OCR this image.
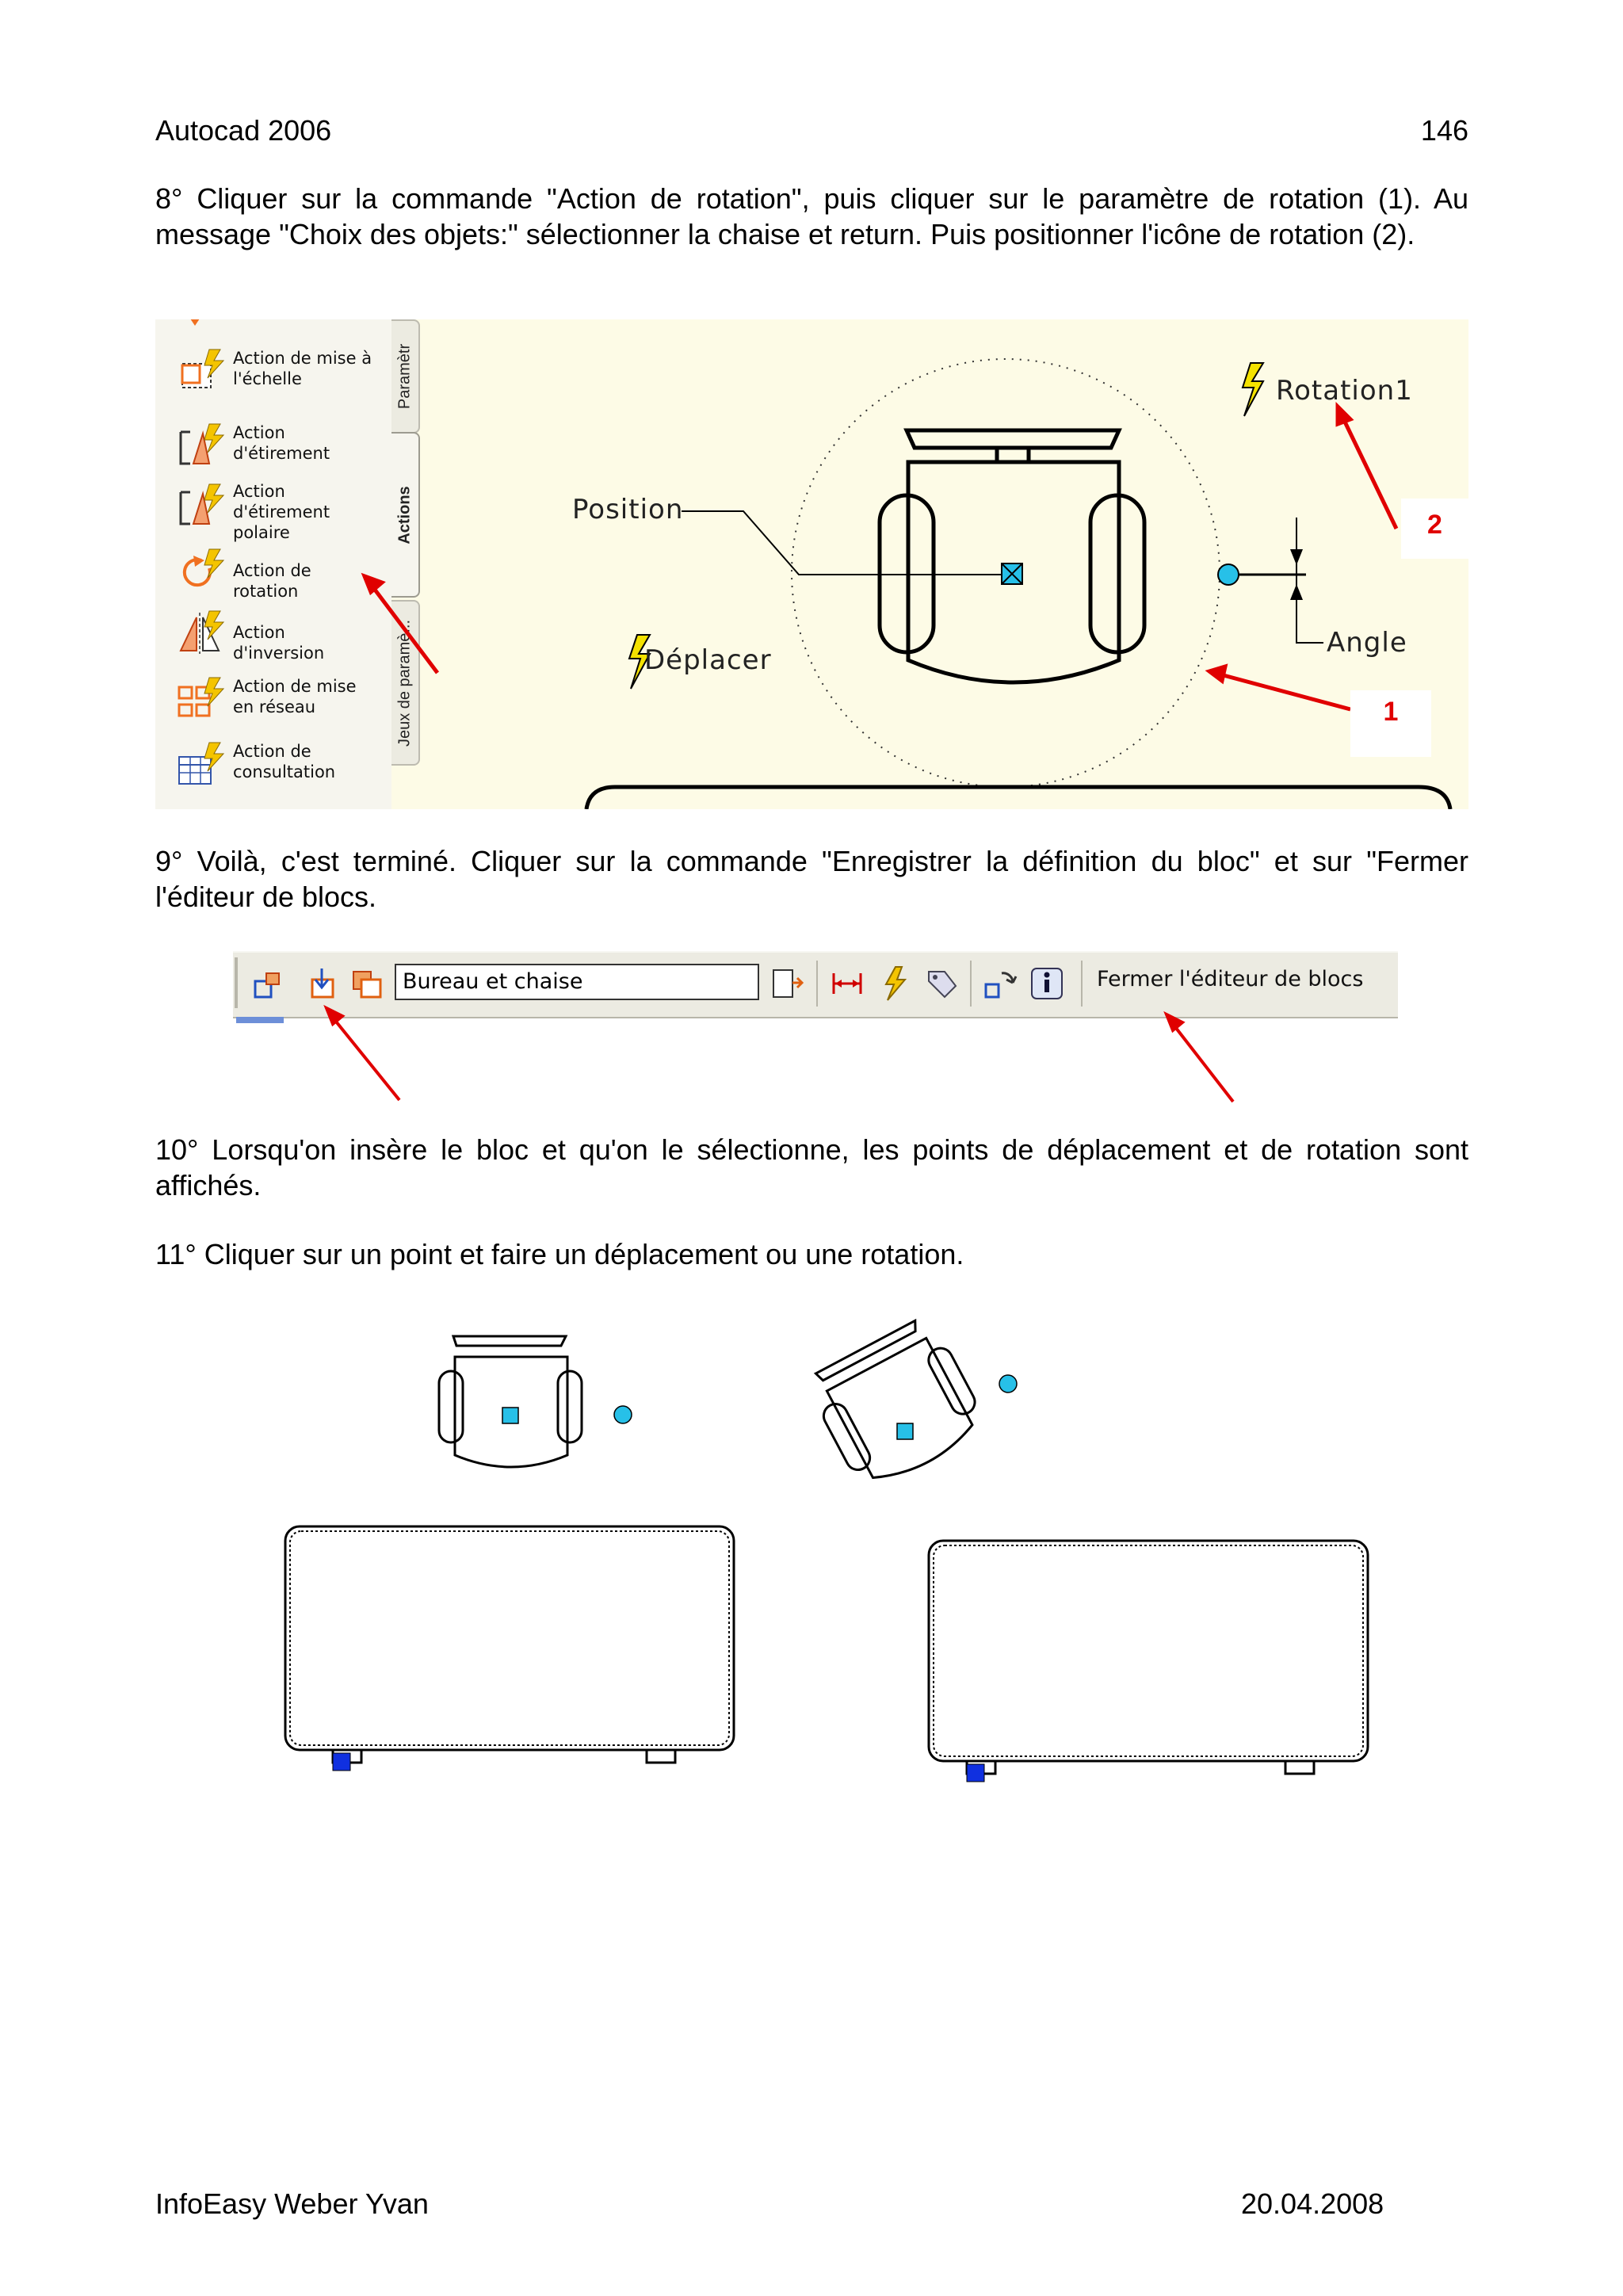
Autocad 2006	146
8° Cliquer sur la commande "Action de rotation", puis cliquer sur le paramètre de rotation (1). Au message "Choix des objets:" sélectionner la chaise et return. Puis positionner l'icône de rotation (2).
Paramètr
Actions
Jeux de paramè...
Action de mise à l'échelle
Action d'étirement
Action d'étirement polaire
Action de rotation
Action d'inversion
Action de mise en réseau
Action de consultation
Position
Déplacer
Rotation1
Angle
2
1
9° Voilà, c'est terminé. Cliquer sur la commande "Enregistrer la définition du bloc" et sur "Fermer l'éditeur de blocs.
Bureau et chaise	Fermer l'éditeur de blocs
10° Lorsqu'on insère le bloc et qu'on le sélectionne, les points de déplacement et de rotation sont affichés.
11° Cliquer sur un point et faire un déplacement ou une rotation.
InfoEasy Weber Yvan	20.04.2008
